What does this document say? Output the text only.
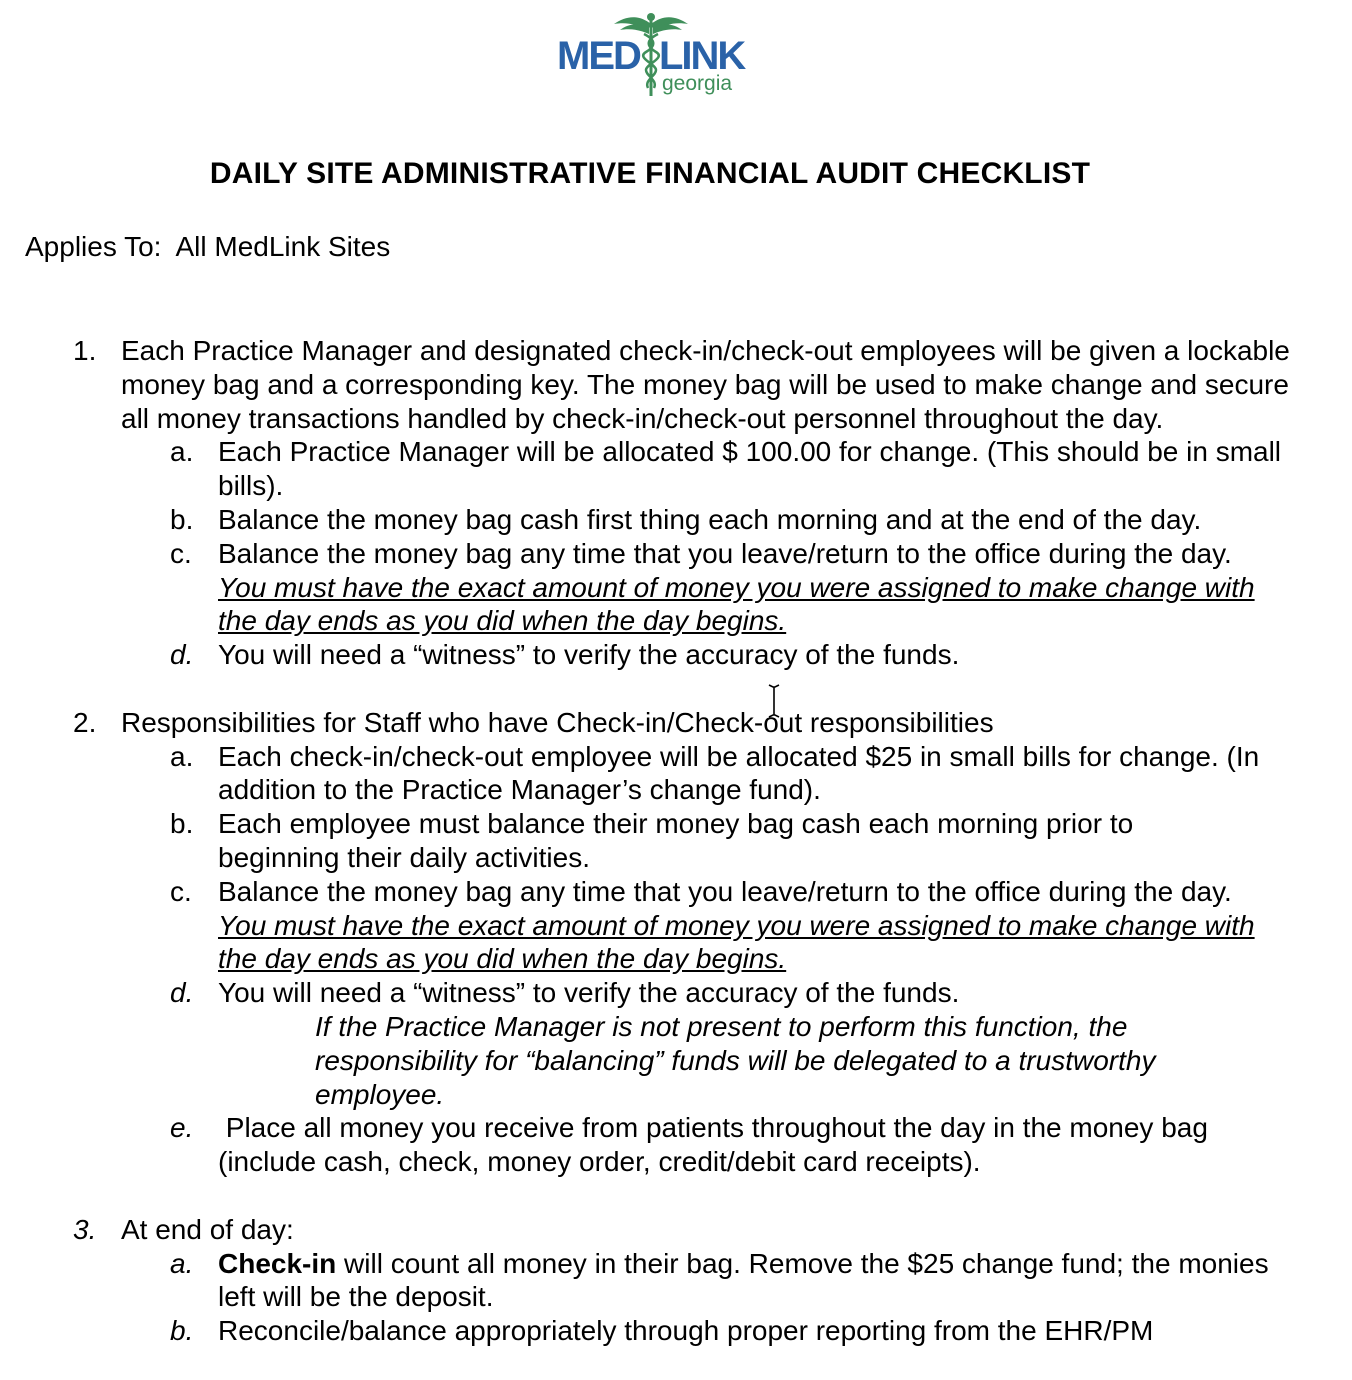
MED LINK
georgia
DAILY SITE ADMINISTRATIVE FINANCIAL AUDIT CHECKLIST
Applies To:  All MedLink Sites
1. Each Practice Manager and designated check-in/check-out employees will be given a lockable money bag and a corresponding key. The money bag will be used to make change and secure all money transactions handled by check-in/check-out personnel throughout the day.
a. Each Practice Manager will be allocated $ 100.00 for change. (This should be in small bills).
b. Balance the money bag cash first thing each morning and at the end of the day.
c. Balance the money bag any time that you leave/return to the office during the day.  You must have the exact amount of money you were assigned to make change with the day ends as you did when the day begins.
d. You will need a “witness” to verify the accuracy of the funds.
2. Responsibilities for Staff who have Check-in/Check-out responsibilities
a. Each check-in/check-out employee will be allocated $25 in small bills for change. (In addition to the Practice Manager’s change fund).
b. Each employee must balance their money bag cash each morning prior to beginning their daily activities.
c. Balance the money bag any time that you leave/return to the office during the day.  You must have the exact amount of money you were assigned to make change with the day ends as you did when the day begins.
d. You will need a “witness” to verify the accuracy of the funds.
If the Practice Manager is not present to perform this function, the responsibility for “balancing” funds will be delegated to a trustworthy employee.
e. Place all money you receive from patients throughout the day in the money bag (include cash, check, money order, credit/debit card receipts).
3. At end of day:
a. Check-in will count all money in their bag. Remove the $25 change fund; the monies left will be the deposit.
b. Reconcile/balance appropriately through proper reporting from the EHR/PM
